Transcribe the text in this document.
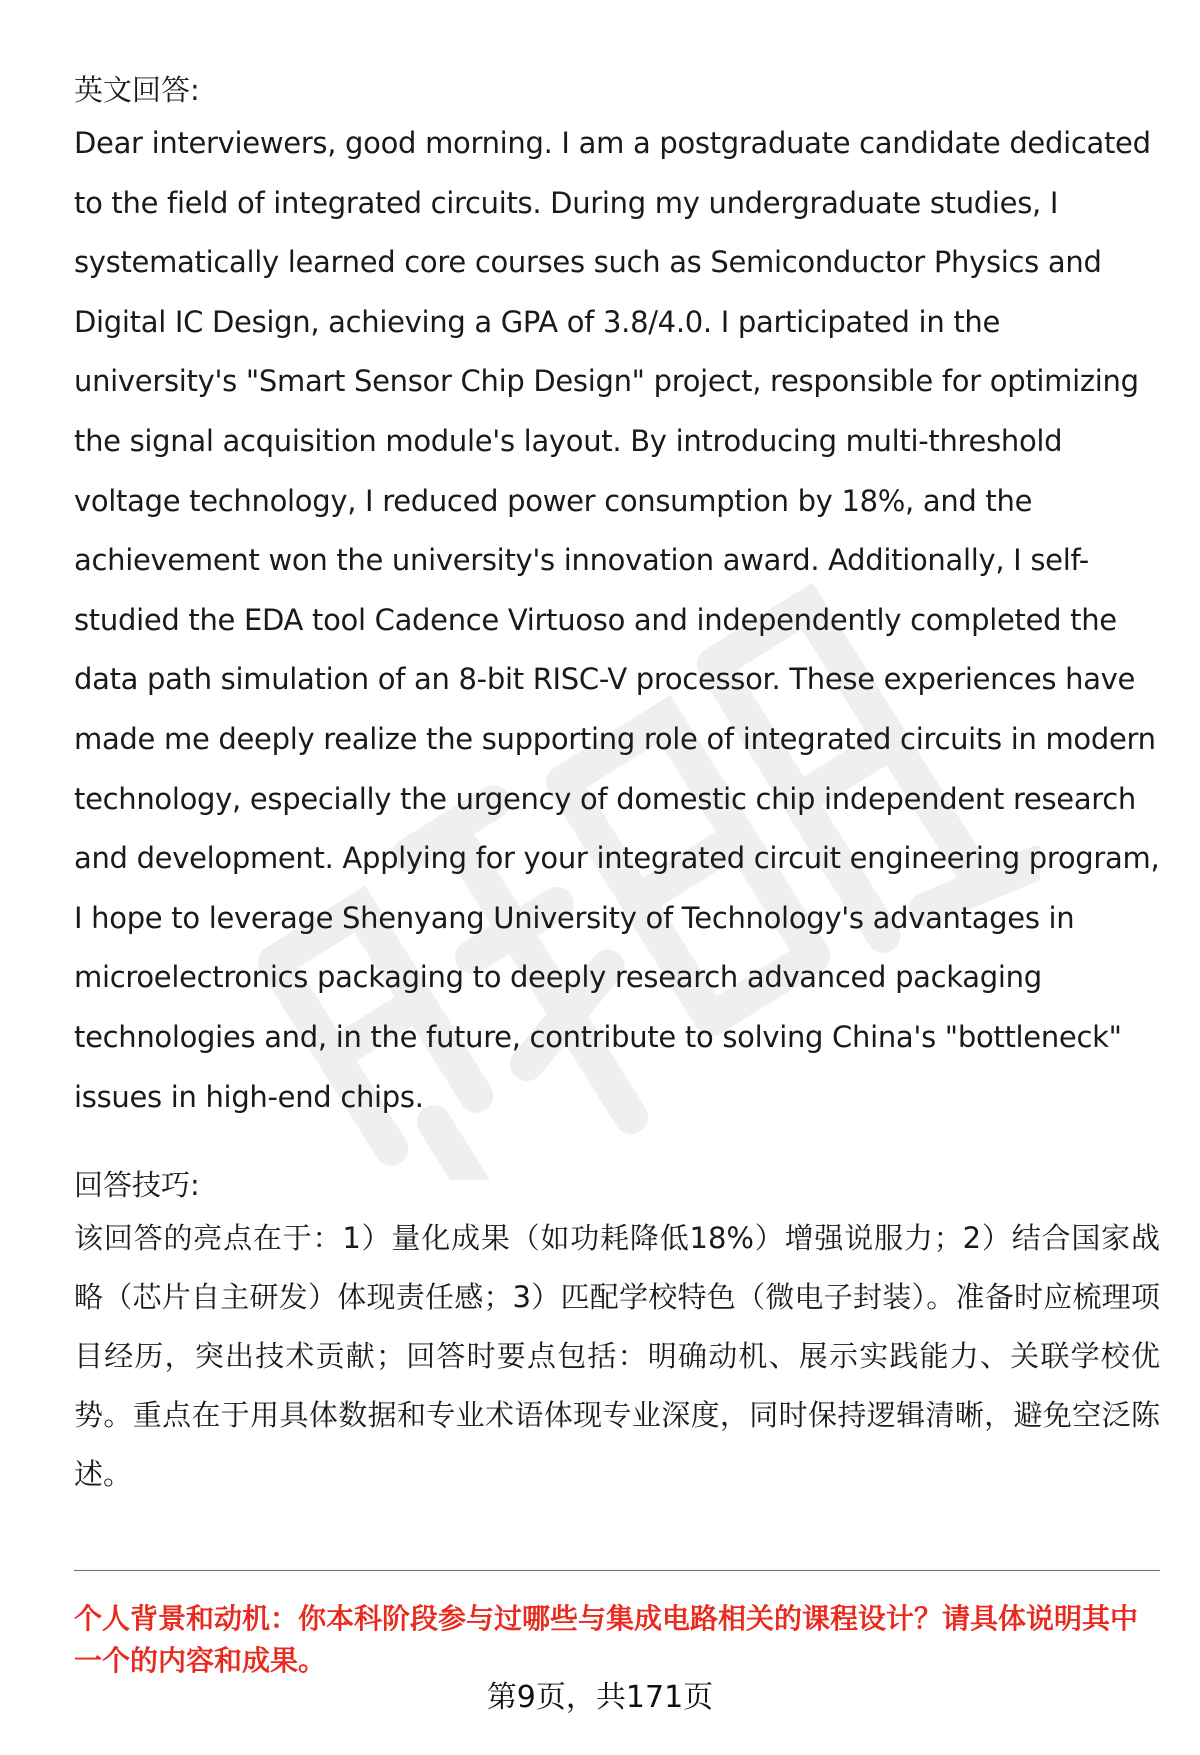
英文回答:

Dear interviewers, good morning. I am a postgraduate candidate dedicated to the field of integrated circuits. During my undergraduate studies, I systematically learned core courses such as Semiconductor Physics and Digital IC Design, achieving a GPA of 3.8/4.0. I participated in the university's "Smart Sensor Chip Design" project, responsible for optimizing the signal acquisition module's layout. By introducing multi-threshold voltage technology, I reduced power consumption by 18%, and the achievement won the university's innovation award. Additionally, I self-studied the EDA tool Cadence Virtuoso and independently completed the data path simulation of an 8-bit RISC-V processor. These experiences have made me deeply realize the supporting role of integrated circuits in modern technology, especially the urgency of domestic chip independent research and development. Applying for your integrated circuit engineering program, I hope to leverage Shenyang University of Technology's advantages in microelectronics packaging to deeply research advanced packaging technologies and, in the future, contribute to solving China's "bottleneck" issues in high-end chips.

回答技巧:

该回答的亮点在于：1）量化成果（如功耗降低18%）增强说服力；2）结合国家战略（芯片自主研发）体现责任感；3）匹配学校特色（微电子封装）。准备时应梳理项目经历，突出技术贡献；回答时要点包括：明确动机、展示实践能力、关联学校优势。重点在于用具体数据和专业术语体现专业深度，同时保持逻辑清晰，避免空泛陈述。

个人背景和动机：你本科阶段参与过哪些与集成电路相关的课程设计？请具体说明其中一个的内容和成果。

第9页，共171页
